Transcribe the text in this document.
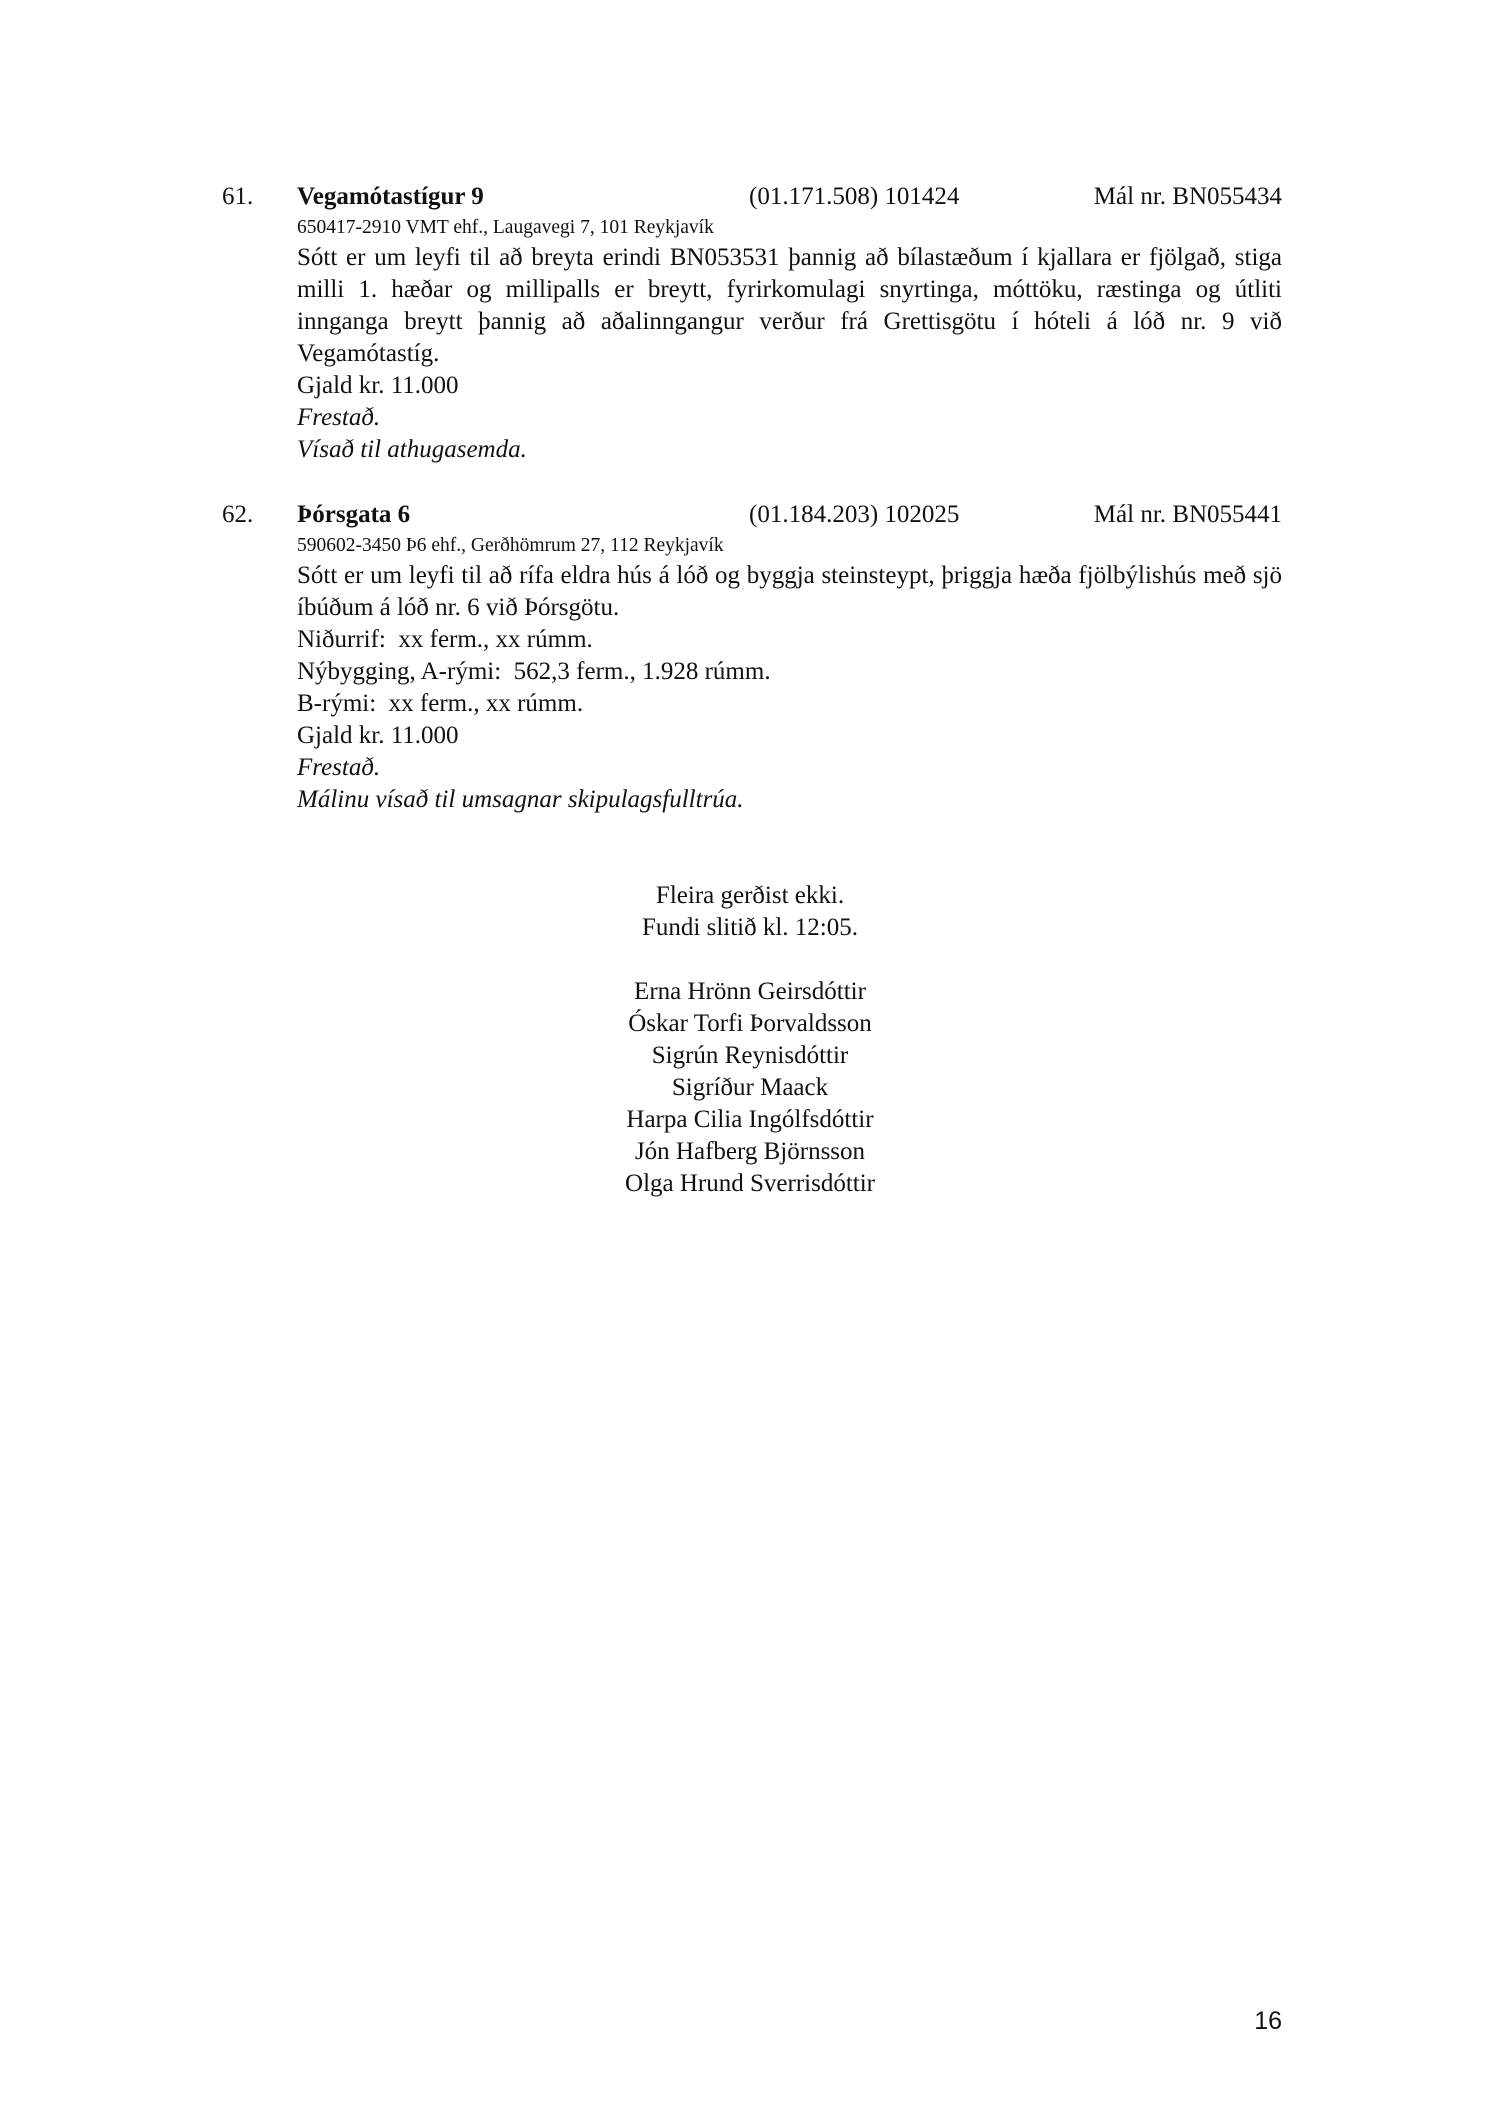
61. Vegamótastígur 9	(01.171.508) 101424	Mál nr. BN055434
650417-2910 VMT ehf., Laugavegi 7, 101 Reykjavík
Sótt er um leyfi til að breyta erindi BN053531 þannig að bílastæðum í kjallara er fjölgað, stiga milli 1. hæðar og millipalls er breytt, fyrirkomulagi snyrtinga, móttöku, ræstinga og útliti innganga breytt þannig að aðalinngangur verður frá Grettisgötu í hóteli á lóð nr. 9 við Vegamótastíg.
Gjald kr. 11.000
Frestað.
Vísað til athugasemda.
62. Þórsgata 6	(01.184.203) 102025	Mál nr. BN055441
590602-3450 Þ6 ehf., Gerðhömrum 27, 112 Reykjavík
Sótt er um leyfi til að rífa eldra hús á lóð og byggja steinsteypt, þriggja hæða fjölbýlishús með sjö íbúðum á lóð nr. 6 við Þórsgötu.
Niðurrif:  xx ferm., xx rúmm.
Nýbygging, A-rými:  562,3 ferm., 1.928 rúmm.
B-rými:  xx ferm., xx rúmm.
Gjald kr. 11.000
Frestað.
Málinu vísað til umsagnar skipulagsfulltrúa.
Fleira gerðist ekki.
Fundi slitið kl. 12:05.
Erna Hrönn Geirsdóttir
Óskar Torfi Þorvaldsson
Sigrún Reynisdóttir
Sigríður Maack
Harpa Cilia Ingólfsdóttir
Jón Hafberg Björnsson
Olga Hrund Sverrisdóttir
16
